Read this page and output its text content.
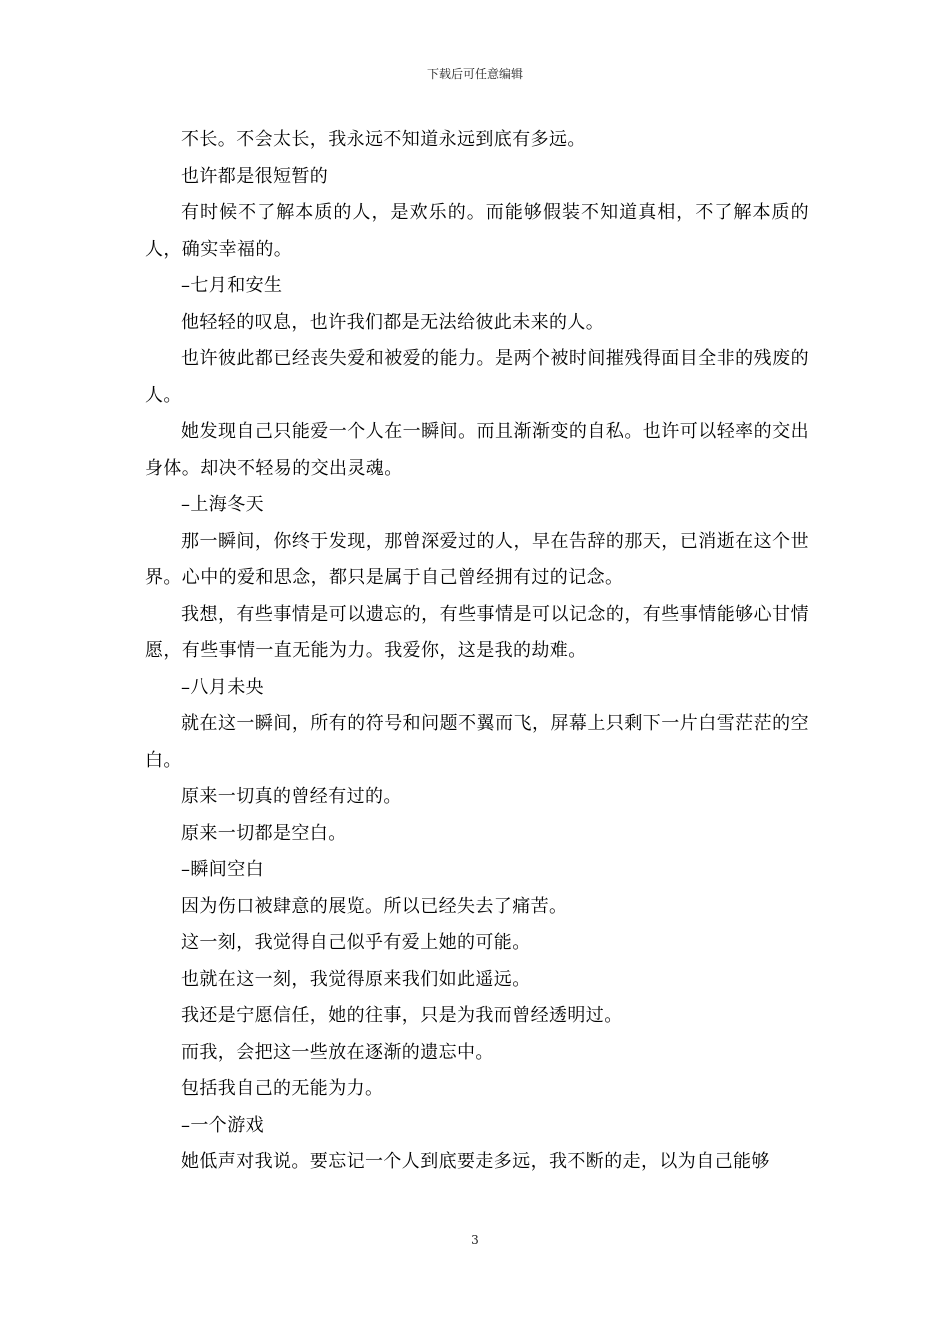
下载后可任意编辑

不长。不会太长，我永远不知道永远到底有多远。

也许都是很短暂的

有时候不了解本质的人，是欢乐的。而能够假装不知道真相，不了解本质的人，确实幸福的。

–七月和安生

他轻轻的叹息，也许我们都是无法给彼此未来的人。

也许彼此都已经丧失爱和被爱的能力。是两个被时间摧残得面目全非的残废的人。

她发现自己只能爱一个人在一瞬间。而且渐渐变的自私。也许可以轻率的交出身体。却决不轻易的交出灵魂。

–上海冬天

那一瞬间，你终于发现，那曾深爱过的人，早在告辞的那天，已消逝在这个世界。心中的爱和思念，都只是属于自己曾经拥有过的记念。

我想，有些事情是可以遗忘的，有些事情是可以记念的，有些事情能够心甘情愿，有些事情一直无能为力。我爱你，这是我的劫难。

–八月未央

就在这一瞬间，所有的符号和问题不翼而飞，屏幕上只剩下一片白雪茫茫的空白。

原来一切真的曾经有过的。

原来一切都是空白。

–瞬间空白

因为伤口被肆意的展览。所以已经失去了痛苦。

这一刻，我觉得自己似乎有爱上她的可能。

也就在这一刻，我觉得原来我们如此遥远。

我还是宁愿信任，她的往事，只是为我而曾经透明过。

而我，会把这一些放在逐渐的遗忘中。

包括我自己的无能为力。

–一个游戏

她低声对我说。要忘记一个人到底要走多远，我不断的走，以为自己能够

3
